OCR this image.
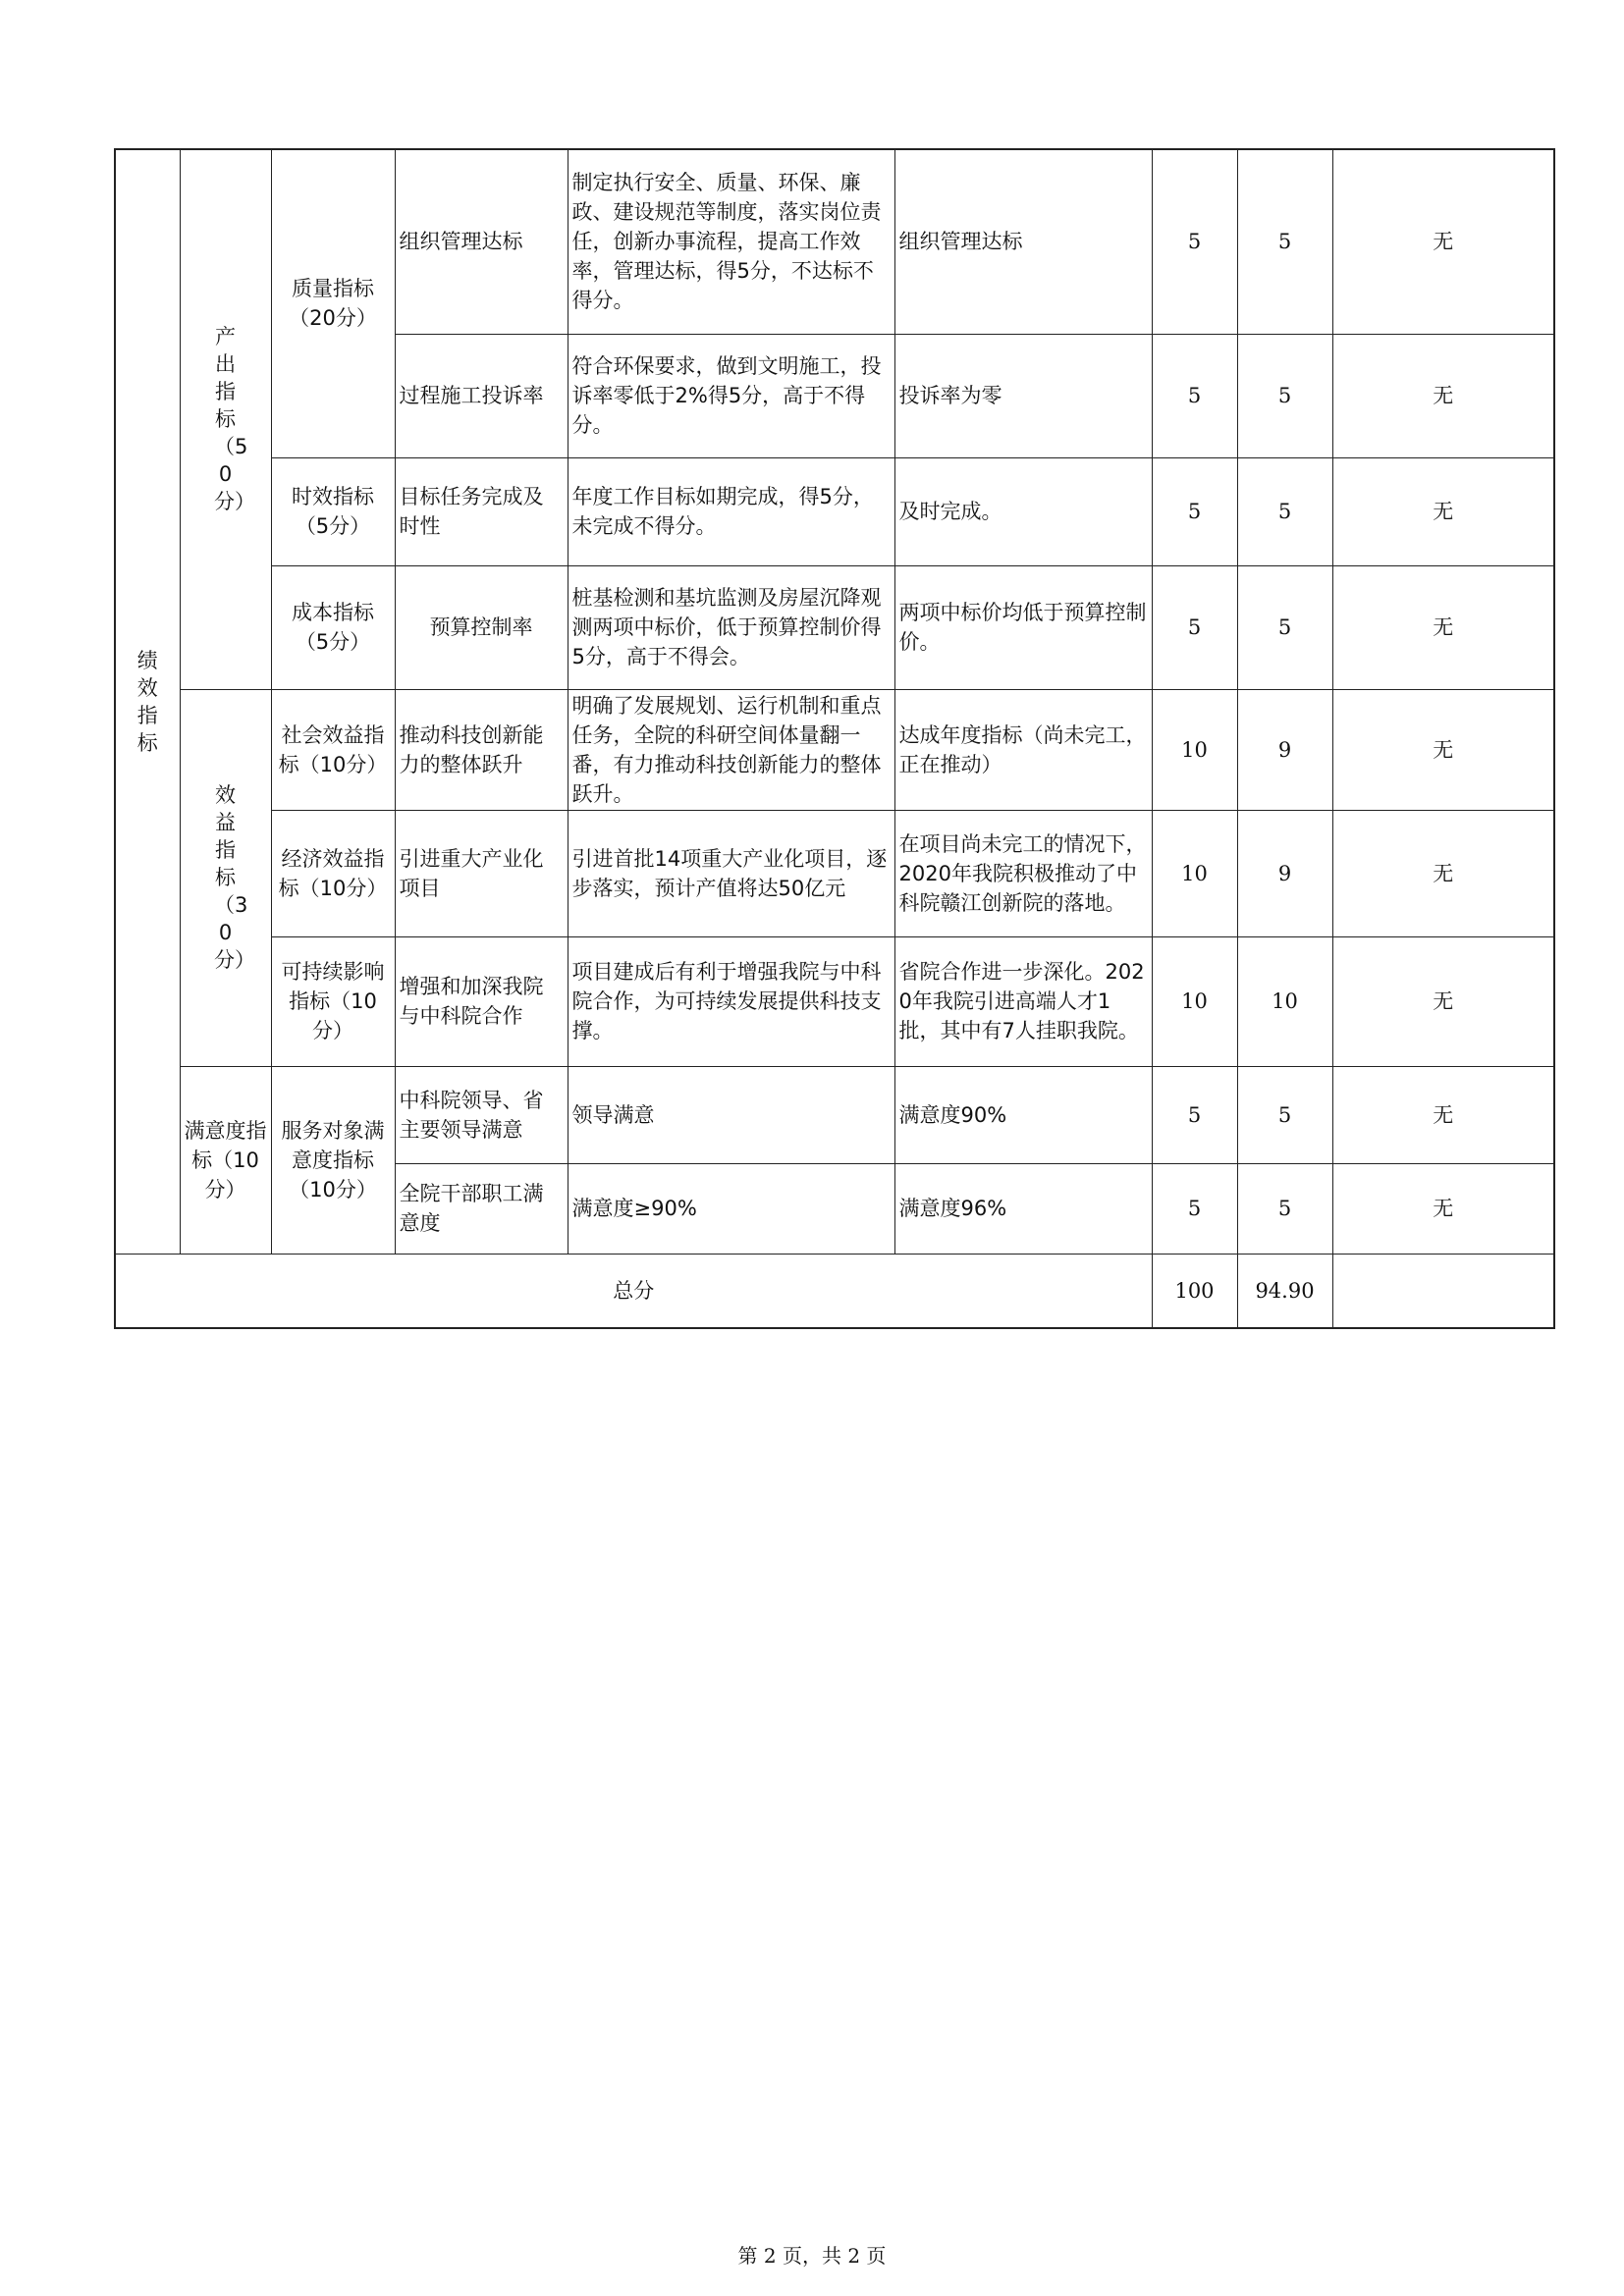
绩效指标	产出指标（50分）	质量指标（20分）	组织管理达标	制定执行安全、质量、环保、廉政、建设规范等制度，落实岗位责任，创新办事流程，提高工作效率，管理达标，得5分，不达标不得分。	组织管理达标	5	5	无
			过程施工投诉率	符合环保要求，做到文明施工，投诉率零低于2%得5分，高于不得分。	投诉率为零	5	5	无
		时效指标（5分）	目标任务完成及时性	年度工作目标如期完成，得5分，未完成不得分。	及时完成。	5	5	无
		成本指标（5分）	预算控制率	桩基检测和基坑监测及房屋沉降观测两项中标价，低于预算控制价得5分，高于不得会。	两项中标价均低于预算控制价。	5	5	无

	效益指标（30分）	社会效益指标（10分）	推动科技创新能力的整体跃升	明确了发展规划、运行机制和重点任务，全院的科研空间体量翻一番，有力推动科技创新能力的整体跃升。	达成年度指标（尚未完工，正在推动）	10	9	无
		经济效益指标（10分）	引进重大产业化项目	引进首批14项重大产业化项目，逐步落实，预计产值将达50亿元	在项目尚未完工的情况下，2020年我院积极推动了中科院赣江创新院的落地。	10	9	无
		可持续影响指标（10分）	增强和加深我院与中科院合作	项目建成后有利于增强我院与中科院合作，为可持续发展提供科技支撑。	省院合作进一步深化。2020年我院引进高端人才1批，其中有7人挂职我院。	10	10	无
	满意度指标（10分）	服务对象满意度指标（10分）	中科院领导、省主要领导满意	领导满意	满意度90%	5	5	无
			全院干部职工满意度	满意度≥90%	满意度96%	5	5	无
总分						100	94.90	
第 2 页，共 2 页
